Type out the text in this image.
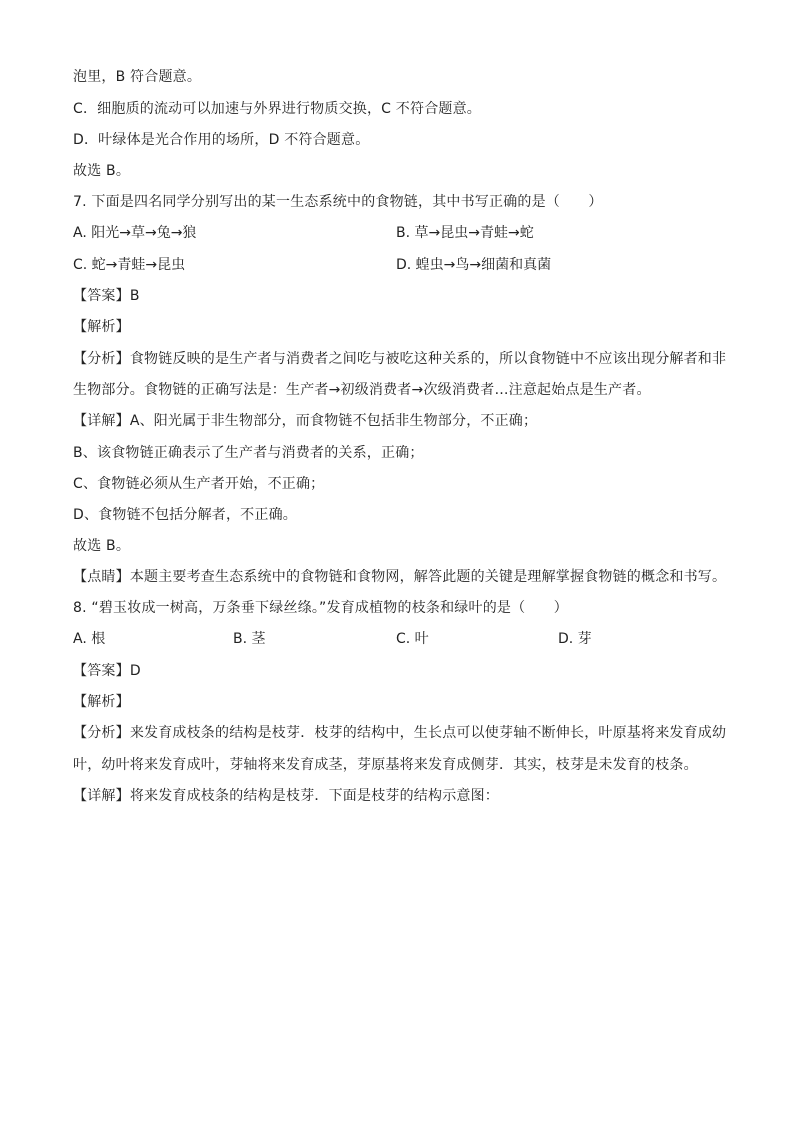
泡里，B 符合题意。
C．细胞质的流动可以加速与外界进行物质交换，C 不符合题意。
D．叶绿体是光合作用的场所，D 不符合题意。
故选 B。
7. 下面是四名同学分别写出的某一生态系统中的食物链，其中书写正确的是（　　）
A. 阳光→草→兔→狼	B. 草→昆虫→青蛙→蛇
C. 蛇→青蛙→昆虫	D. 蝗虫→鸟→细菌和真菌
【答案】B
【解析】
【分析】食物链反映的是生产者与消费者之间吃与被吃这种关系的，所以食物链中不应该出现分解者和非
生物部分。食物链的正确写法是：生产者→初级消费者→次级消费者…注意起始点是生产者。
【详解】A、阳光属于非生物部分，而食物链不包括非生物部分，不正确；
B、该食物链正确表示了生产者与消费者的关系，正确；
C、食物链必须从生产者开始，不正确；
D、食物链不包括分解者，不正确。
故选 B。
【点睛】本题主要考查生态系统中的食物链和食物网，解答此题的关键是理解掌握食物链的概念和书写。
8. “碧玉妆成一树高，万条垂下绿丝绦。”发育成植物的枝条和绿叶的是（　　）
A. 根	B. 茎	C. 叶	D. 芽
【答案】D
【解析】
【分析】来发育成枝条的结构是枝芽．枝芽的结构中，生长点可以使芽轴不断伸长，叶原基将来发育成幼
叶，幼叶将来发育成叶，芽轴将来发育成茎，芽原基将来发育成侧芽．其实，枝芽是未发育的枝条。
【详解】将来发育成枝条的结构是枝芽．下面是枝芽的结构示意图：
